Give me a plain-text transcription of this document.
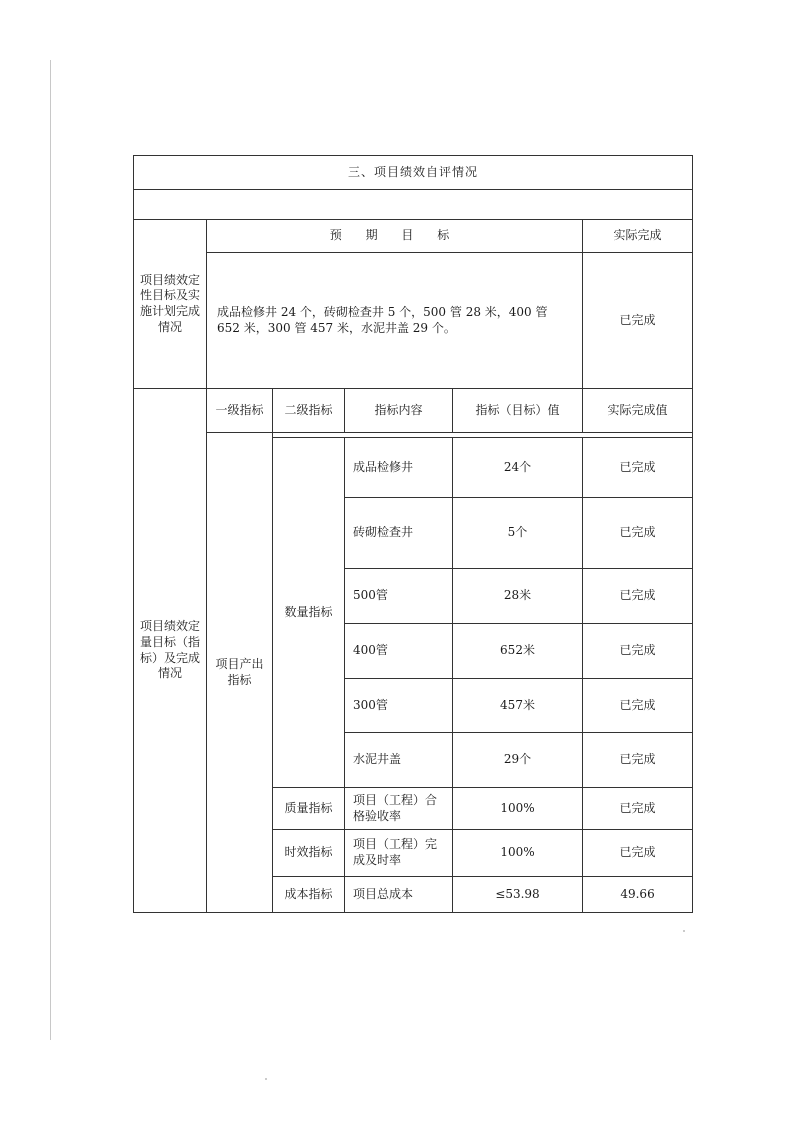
三、项目绩效自评情况					

项目绩效定性目标及实施计划完成情况	预 期 目 标				实际完成
	成品检修井 24 个，砖砌检查井 5 个，500 管 28 米，400 管 652 米，300 管 457 米，水泥井盖 29 个。				已完成
项目绩效定量目标（指标）及完成情况	一级指标	二级指标	指标内容	指标（目标）值	实际完成值
	项目产出指标				
		数量指标	成品检修井	24个	已完成
			砖砌检查井	5个	已完成
			500管	28米	已完成
			400管	652米	已完成
			300管	457米	已完成
			水泥井盖	29个	已完成
		质量指标	项目（工程）合格验收率	100%	已完成
		时效指标	项目（工程）完成及时率	100%	已完成
		成本指标	项目总成本	≤53.98	49.66
